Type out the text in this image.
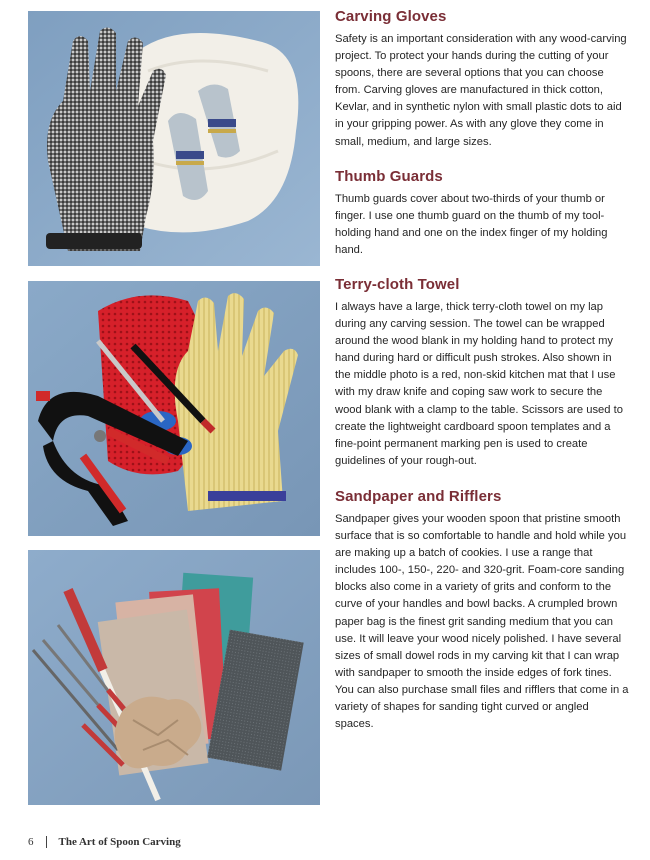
Carving Gloves

Safety is an important consideration with any wood-carving project. To protect your hands during the cutting of your spoons, there are several options that you can choose from. Carving gloves are manufactured in thick cotton, Kevlar, and in synthetic nylon with small plastic dots to aid in your gripping power. As with any glove they come in small, medium, and large sizes.

Thumb Guards

Thumb guards cover about two-thirds of your thumb or finger. I use one thumb guard on the thumb of my tool-holding hand and one on the index finger of my holding hand.

Terry-cloth Towel

I always have a large, thick terry-cloth towel on my lap during any carving session. The towel can be wrapped around the wood blank in my holding hand to protect my hand during hard or difficult push strokes. Also shown in the middle photo is a red, non-skid kitchen mat that I use with my draw knife and coping saw work to secure the wood blank with a clamp to the table. Scissors are used to create the lightweight cardboard spoon templates and a fine-point permanent marking pen is used to create guidelines of your rough-out.

Sandpaper and Rifflers

Sandpaper gives your wooden spoon that pristine smooth surface that is so comfortable to handle and hold while you are making up a batch of cookies. I use a range that includes 100-, 150-, 220- and 320-grit. Foam-core sanding blocks also come in a variety of grits and conform to the curve of your handles and bowl backs. A crumpled brown paper bag is the finest grit sanding medium that you can use. It will leave your wood nicely polished. I have several sizes of small dowel rods in my carving kit that I can wrap with sandpaper to smooth the inside edges of fork tines. You can also purchase small files and rifflers that come in a variety of shapes for sanding tight curved or angled spaces.

6 The Art of Spoon Carving
